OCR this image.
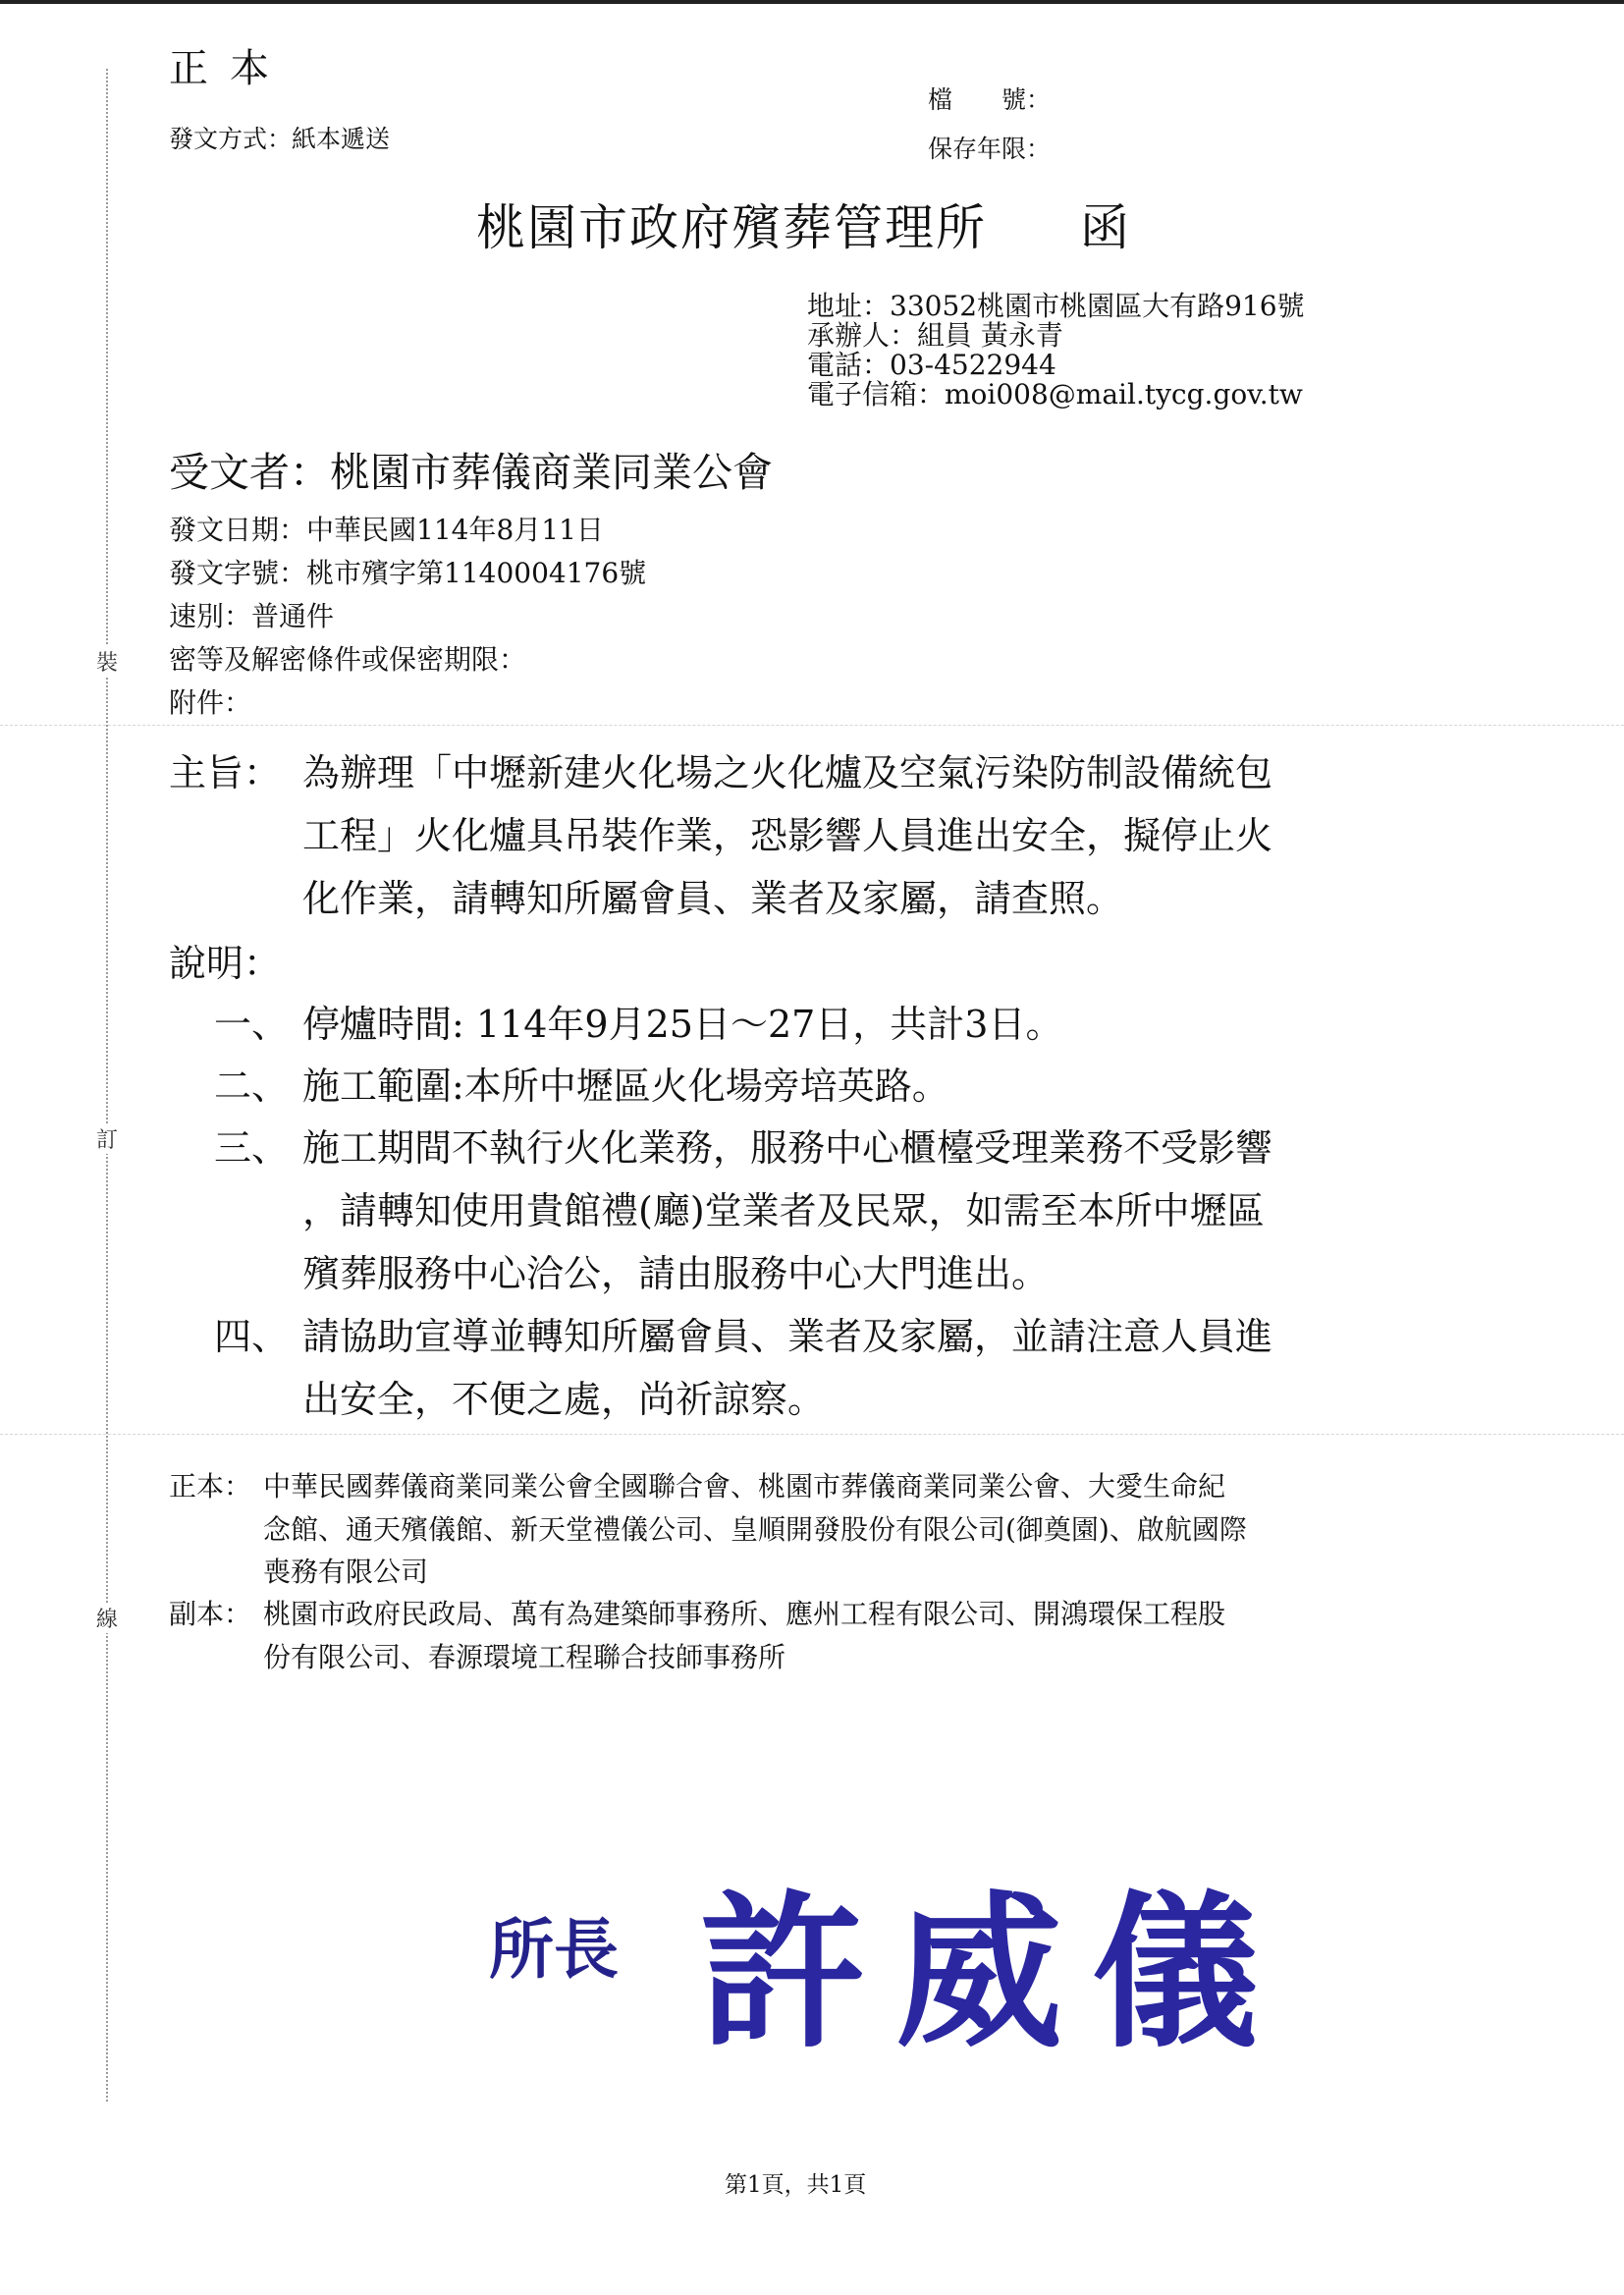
裝
訂
線
正本
發文方式：紙本遞送
檔　　號：
保存年限：
桃園市政府殯葬管理所 函
地址：33052桃園市桃園區大有路916號
承辦人：組員 黃永青
電話：03-4522944
電子信箱：moi008@mail.tycg.gov.tw
受文者：桃園市葬儀商業同業公會
發文日期：中華民國114年8月11日
發文字號：桃市殯字第1140004176號
速別：普通件
密等及解密條件或保密期限：
附件：
主旨： 為辦理「中壢新建火化場之火化爐及空氣污染防制設備統包
工程」火化爐具吊裝作業，恐影響人員進出安全，擬停止火
化作業，請轉知所屬會員、業者及家屬，請查照。
說明：
一、 停爐時間: 114年9月25日～27日，共計3日。
二、 施工範圍:本所中壢區火化場旁培英路。
三、 施工期間不執行火化業務，服務中心櫃檯受理業務不受影響
，請轉知使用貴館禮(廳)堂業者及民眾，如需至本所中壢區
殯葬服務中心洽公，請由服務中心大門進出。
四、 請協助宣導並轉知所屬會員、業者及家屬，並請注意人員進
出安全，不便之處，尚祈諒察。
正本： 中華民國葬儀商業同業公會全國聯合會、桃園市葬儀商業同業公會、大愛生命紀
念館、通天殯儀館、新天堂禮儀公司、皇順開發股份有限公司(御奠園)、啟航國際
喪務有限公司
副本： 桃園市政府民政局、萬有為建築師事務所、應州工程有限公司、開鴻環保工程股
份有限公司、春源環境工程聯合技師事務所
所長 許威儀
第1頁，共1頁
